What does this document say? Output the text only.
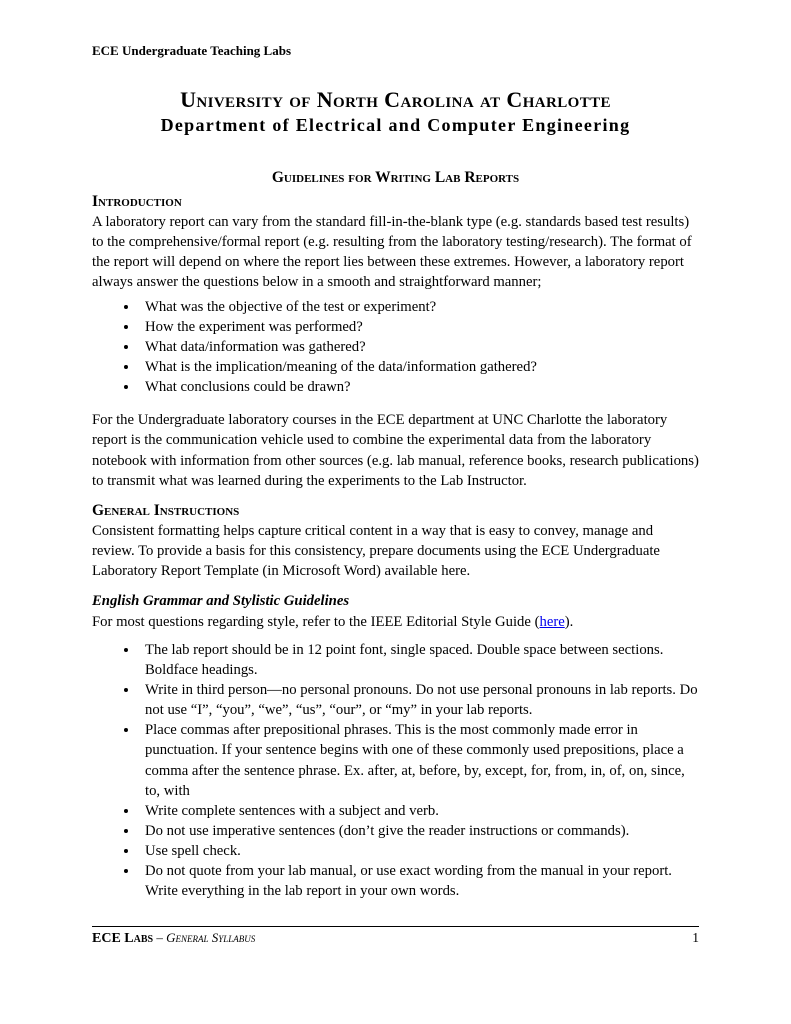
ECE Undergraduate Teaching Labs
University of North Carolina at Charlotte
Department of Electrical and Computer Engineering
Guidelines for Writing Lab Reports
Introduction

A laboratory report can vary from the standard fill-in-the-blank type (e.g. standards based test results) to the comprehensive/formal report (e.g. resulting from the laboratory testing/research). The format of the report will depend on where the report lies between these extremes. However, a laboratory report always answer the questions below in a smooth and straightforward manner;

• What was the objective of the test or experiment?
• How the experiment was performed?
• What data/information was gathered?
• What is the implication/meaning of the data/information gathered?
• What conclusions could be drawn?

For the Undergraduate laboratory courses in the ECE department at UNC Charlotte the laboratory report is the communication vehicle used to combine the experimental data from the laboratory notebook with information from other sources (e.g. lab manual, reference books, research publications) to transmit what was learned during the experiments to the Lab Instructor.

General Instructions

Consistent formatting helps capture critical content in a way that is easy to convey, manage and review. To provide a basis for this consistency, prepare documents using the ECE Undergraduate Laboratory Report Template (in Microsoft Word) available here.

English Grammar and Stylistic Guidelines

For most questions regarding style, refer to the IEEE Editorial Style Guide (here).

• The lab report should be in 12 point font, single spaced. Double space between sections. Boldface headings.
• Write in third person—no personal pronouns. Do not use personal pronouns in lab reports. Do not use “I”, “you”, “we”, “us”, “our”, or “my” in your lab reports.
• Place commas after prepositional phrases. This is the most commonly made error in punctuation. If your sentence begins with one of these commonly used prepositions, place a comma after the sentence phrase. Ex. after, at, before, by, except, for, from, in, of, on, since, to, with
• Write complete sentences with a subject and verb.
• Do not use imperative sentences (don’t give the reader instructions or commands).
• Use spell check.
• Do not quote from your lab manual, or use exact wording from the manual in your report. Write everything in the lab report in your own words.
ECE Labs – General Syllabus	1
